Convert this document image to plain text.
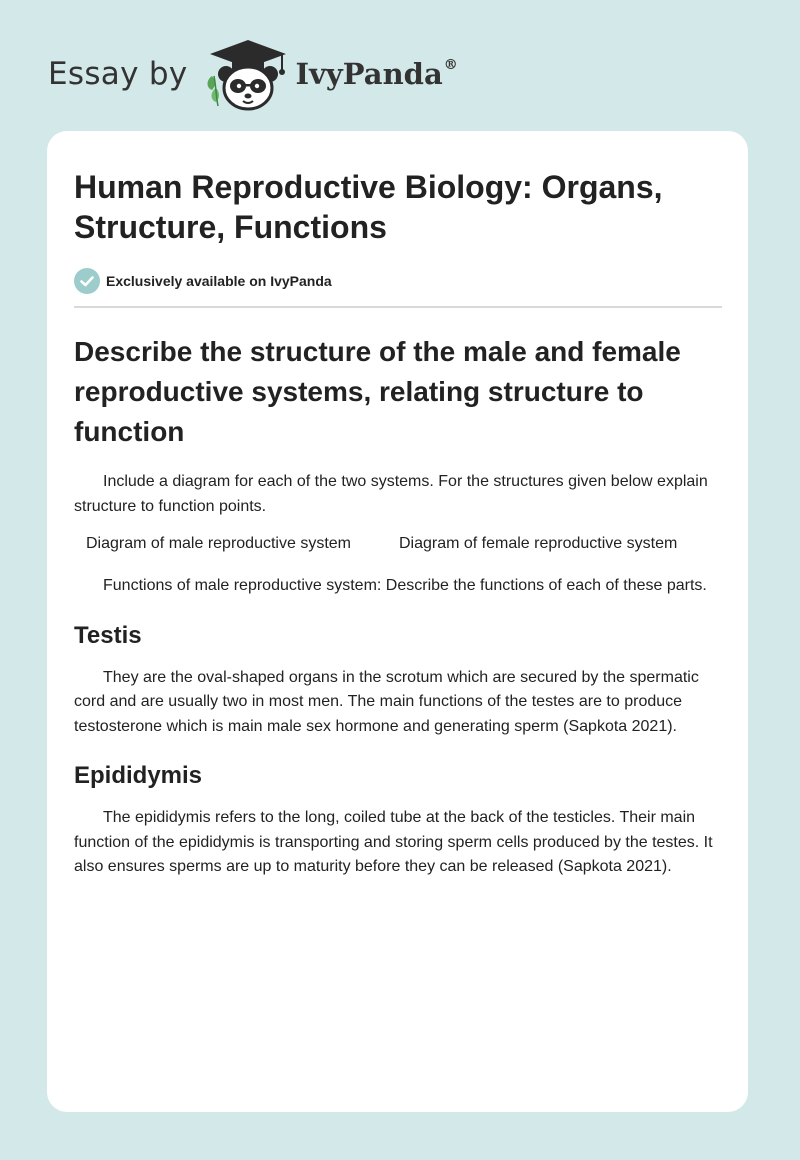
Essay by	IvyPanda®
Human Reproductive Biology: Organs, Structure, Functions
Exclusively available on IvyPanda
Describe the structure of the male and female reproductive systems, relating structure to function

Include a diagram for each of the two systems. For the structures given below explain structure to function points.

Diagram of male reproductive system	Diagram of female reproductive system

Functions of male reproductive system: Describe the functions of each of these parts.

Testis

They are the oval-shaped organs in the scrotum which are secured by the spermatic cord and are usually two in most men. The main functions of the testes are to produce testosterone which is main male sex hormone and generating sperm (Sapkota 2021).

Epididymis

The epididymis refers to the long, coiled tube at the back of the testicles. Their main function of the epididymis is transporting and storing sperm cells produced by the testes. It also ensures sperms are up to maturity before they can be released (Sapkota 2021).
